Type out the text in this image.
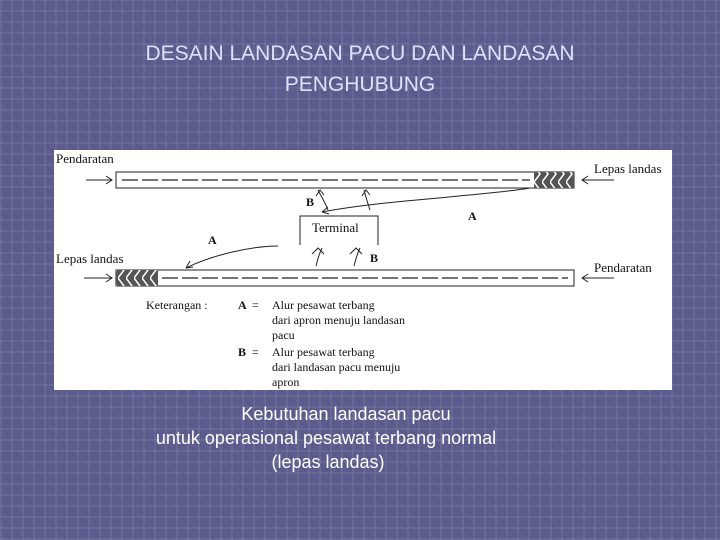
DESAIN LANDASAN PACU DAN LANDASAN
PENGHUBUNG
Pendaratan
Lepas landas
Lepas landas
Pendaratan
Terminal
B
A
A
B
Keterangan :	A = Alur pesawat terbang
dari apron menuju landasan
pacu
B = Alur pesawat terbang
dari landasan pacu menuju
apron
Kebutuhan landasan pacu
untuk operasional pesawat terbang normal
(lepas landas)
